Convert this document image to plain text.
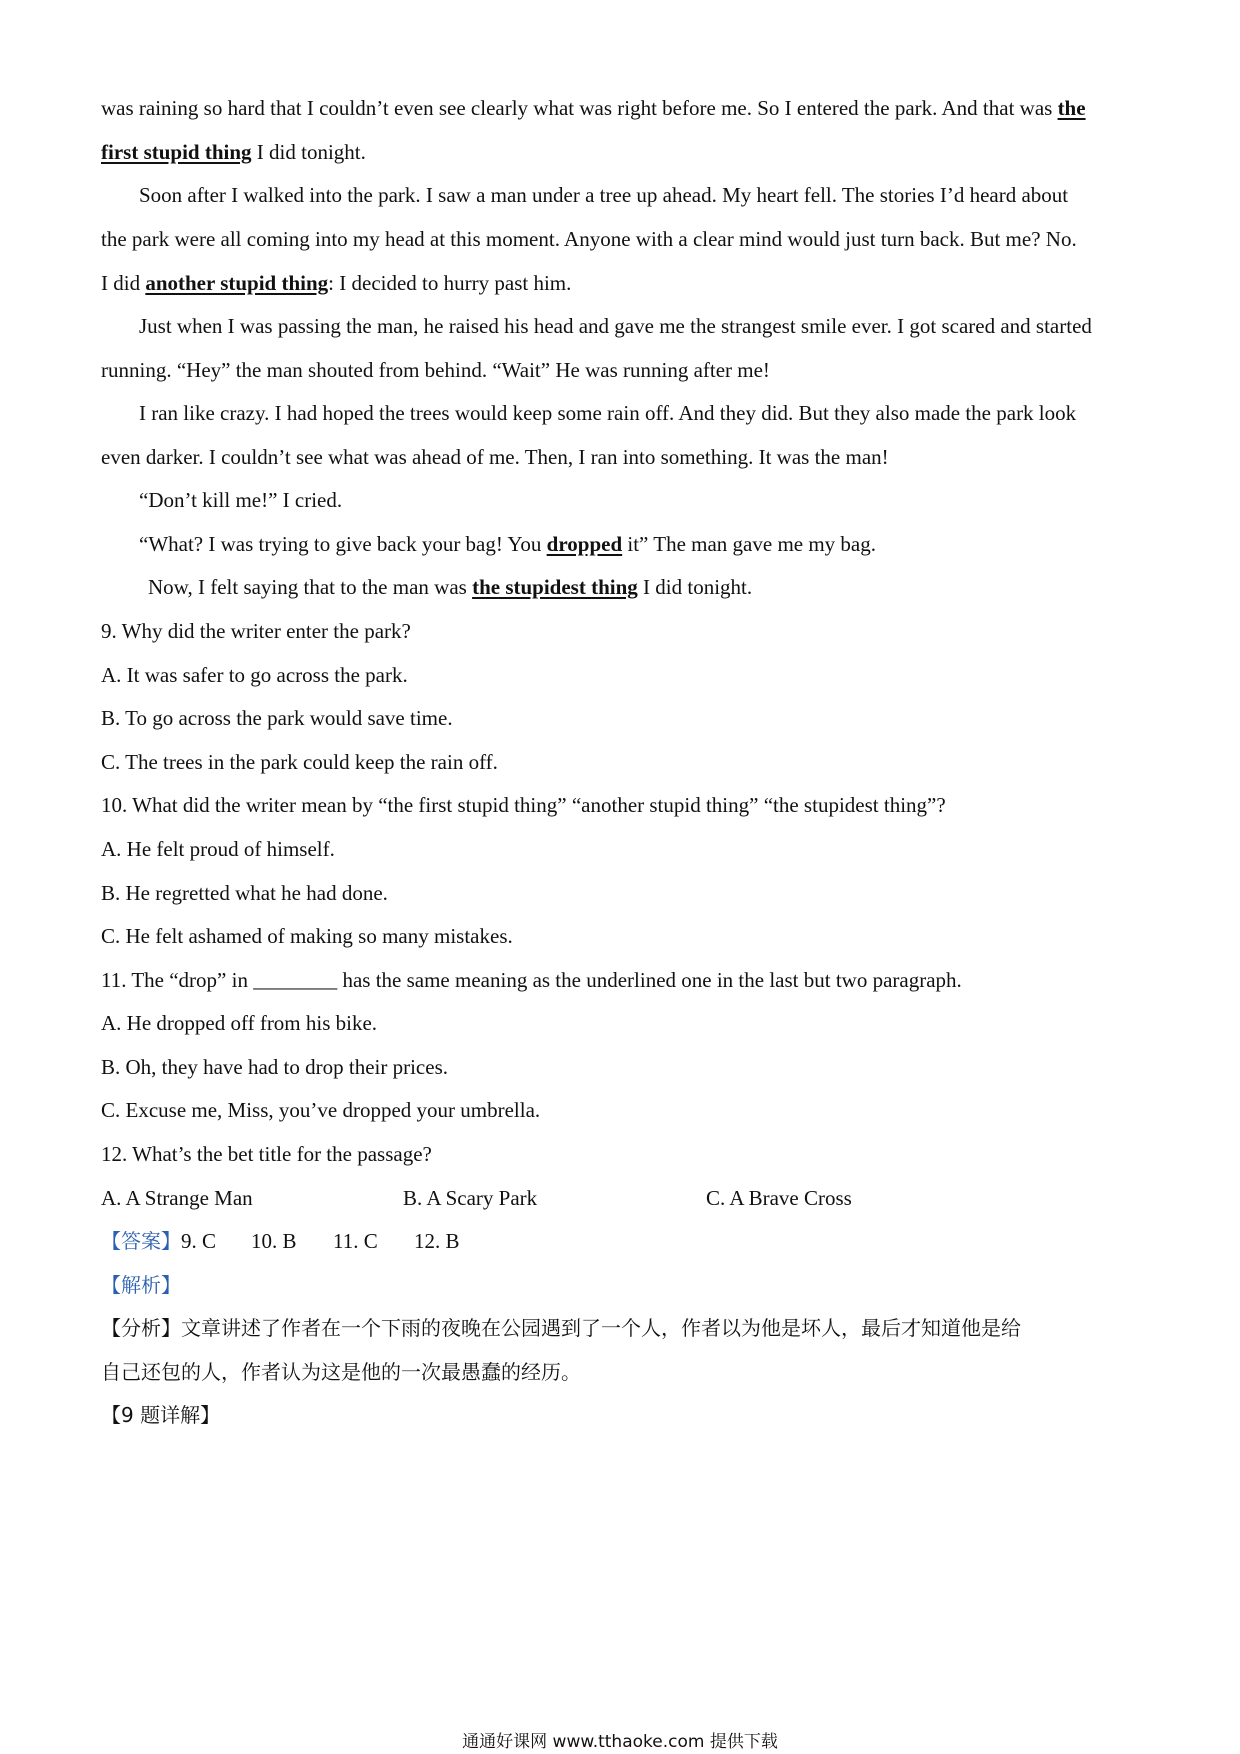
was raining so hard that I couldn’t even see clearly what was right before me. So I entered the park. And that was the
first stupid thing I did tonight.
Soon after I walked into the park. I saw a man under a tree up ahead. My heart fell. The stories I’d heard about
the park were all coming into my head at this moment. Anyone with a clear mind would just turn back. But me? No.
I did another stupid thing: I decided to hurry past him.
Just when I was passing the man, he raised his head and gave me the strangest smile ever. I got scared and started
running. “Hey” the man shouted from behind. “Wait” He was running after me!
I ran like crazy. I had hoped the trees would keep some rain off. And they did. But they also made the park look
even darker. I couldn’t see what was ahead of me. Then, I ran into something. It was the man!
“Don’t kill me!” I cried.
“What? I was trying to give back your bag! You dropped it” The man gave me my bag.
Now, I felt saying that to the man was the stupidest thing I did tonight.
9. Why did the writer enter the park?
A. It was safer to go across the park.
B. To go across the park would save time.
C. The trees in the park could keep the rain off.
10. What did the writer mean by “the first stupid thing” “another stupid thing” “the stupidest thing”?
A. He felt proud of himself.
B. He regretted what he had done.
C. He felt ashamed of making so many mistakes.
11. The “drop” in ________ has the same meaning as the underlined one in the last but two paragraph.
A. He dropped off from his bike.
B. Oh, they have had to drop their prices.
C. Excuse me, Miss, you’ve dropped your umbrella.
12. What’s the bet title for the passage?
A. A Strange Man	B. A Scary Park	C. A Brave Cross
【答案】9. C 10. B 11. C 12. B
【解析】
【分析】文章讲述了作者在一个下雨的夜晚在公园遇到了一个人，作者以为他是坏人，最后才知道他是给
自己还包的人，作者认为这是他的一次最愚蠢的经历。
【9 题详解】
通通好课网 www.tthaoke.com 提供下载
